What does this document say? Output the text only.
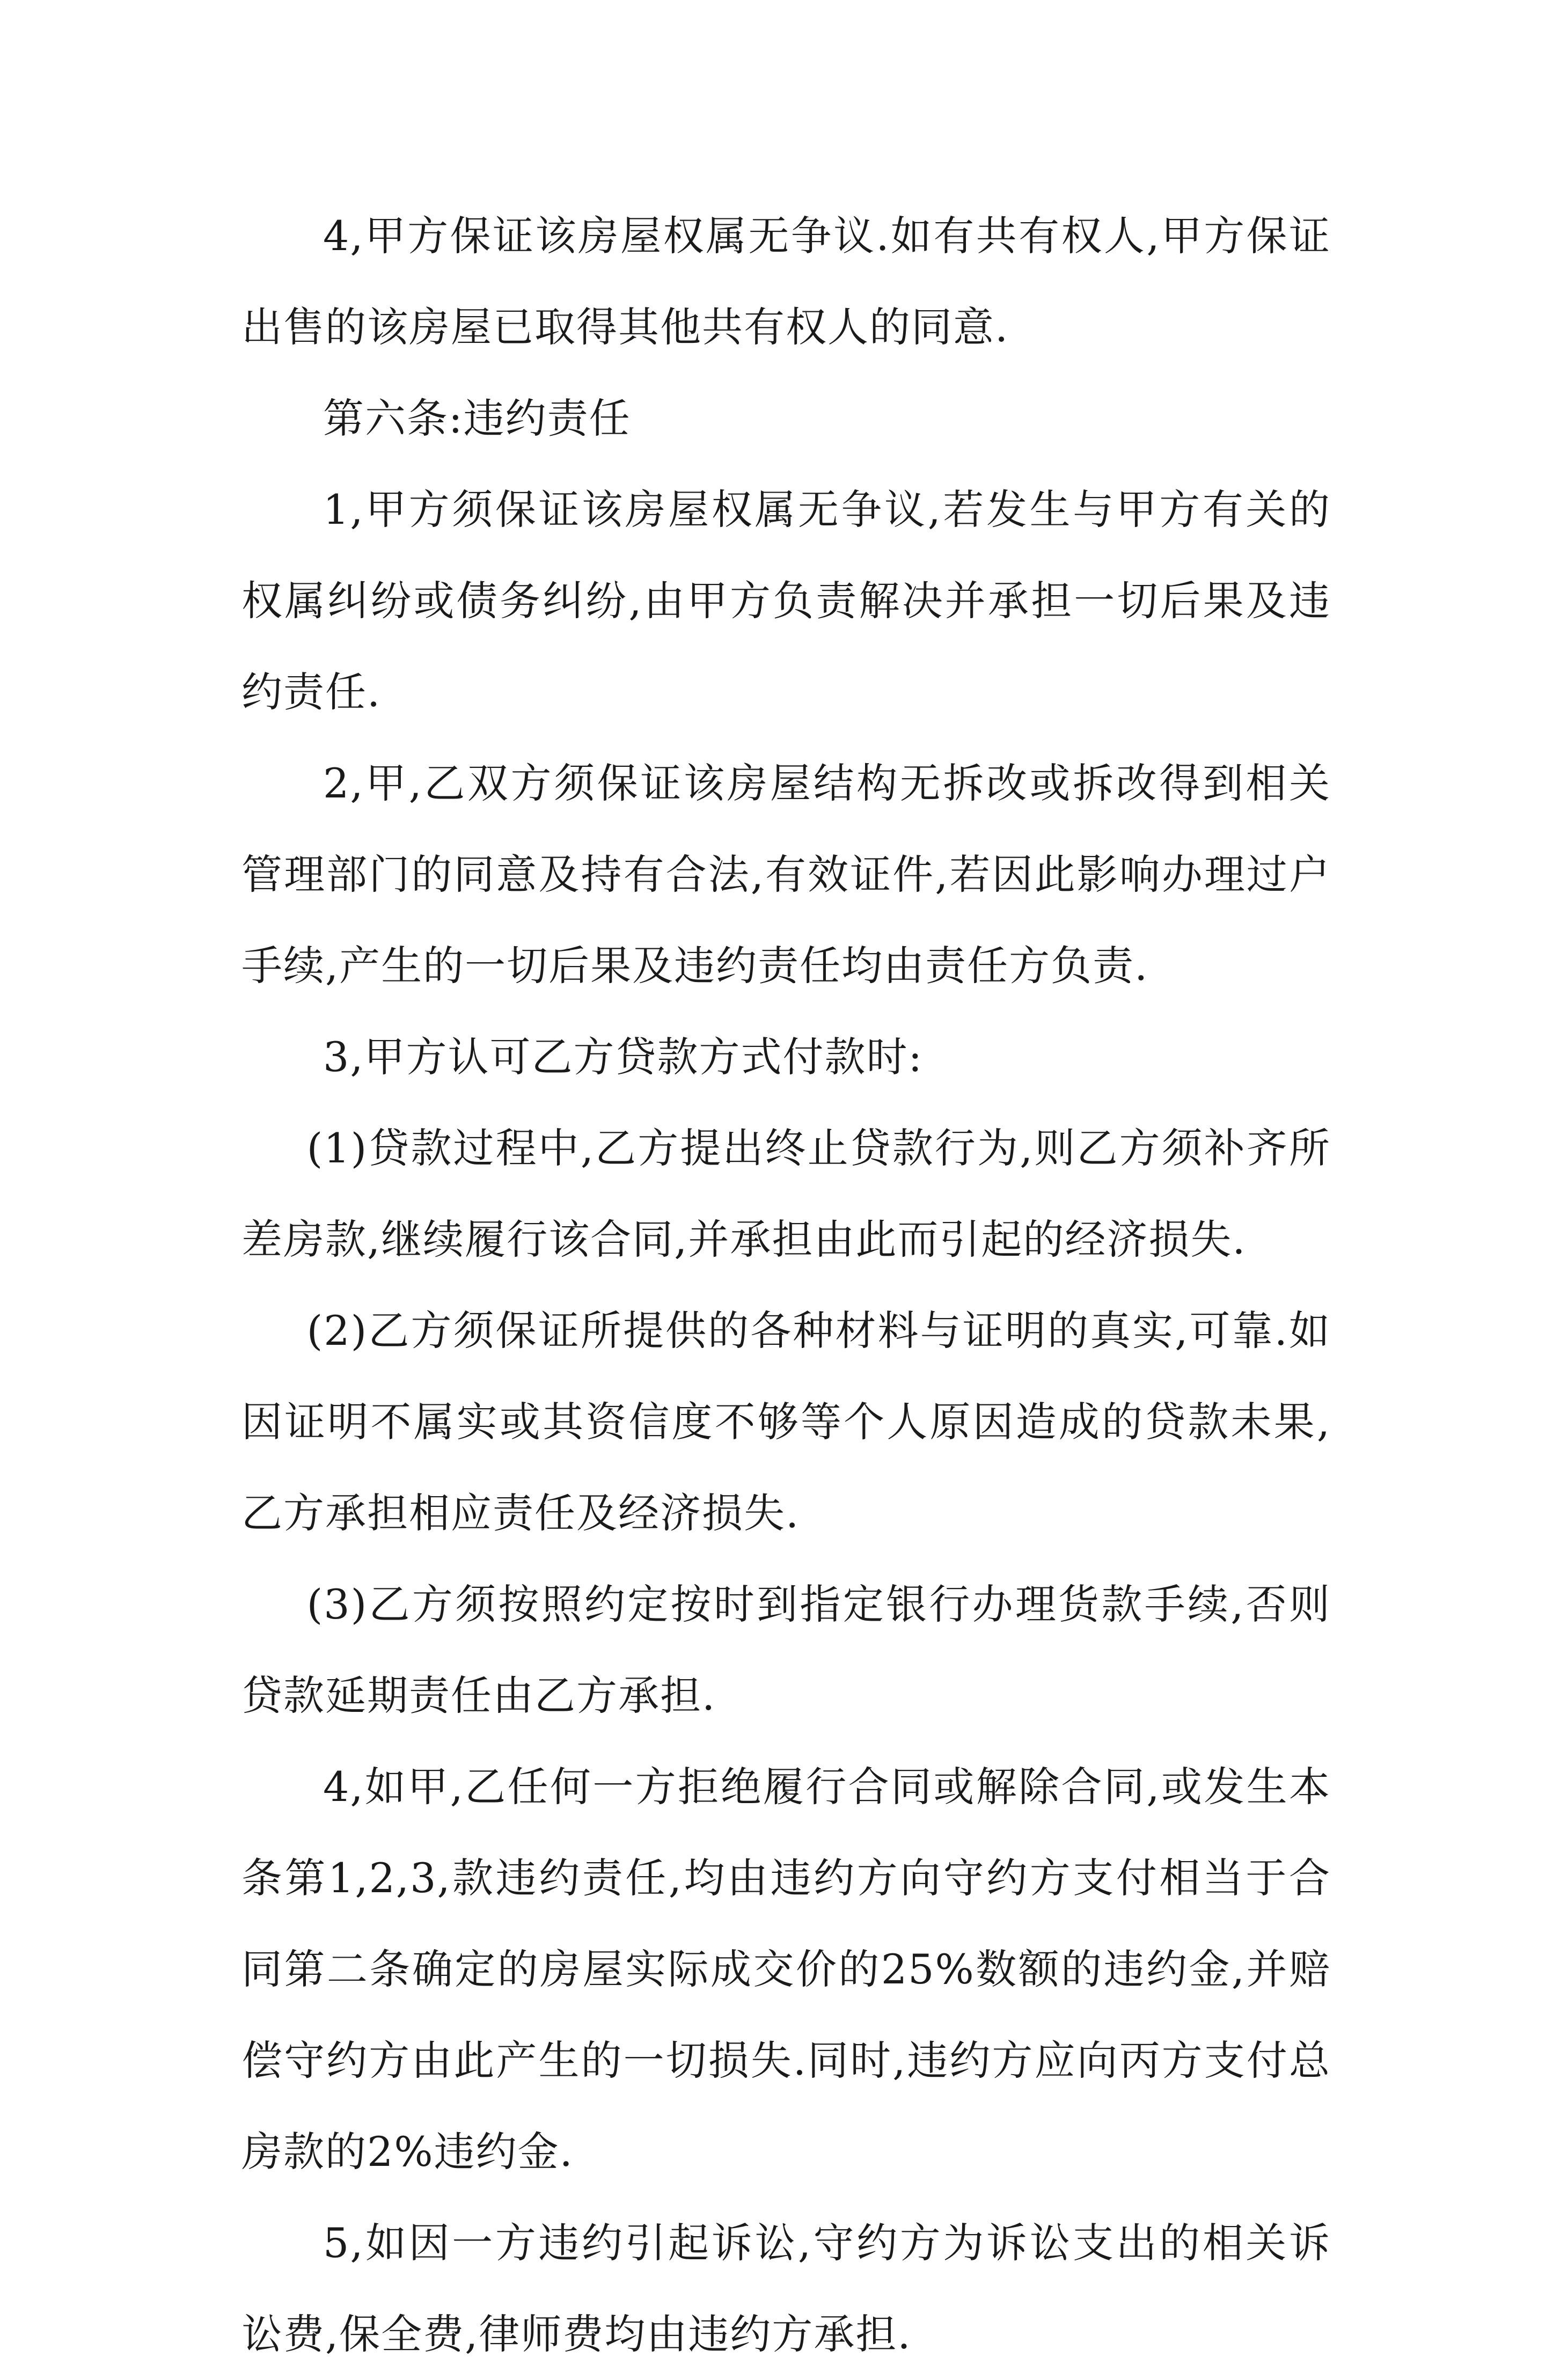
4,甲方保证该房屋权属无争议.如有共有权人,甲方保证出售的该房屋已取得其他共有权人的同意.

第六条:违约责任

1,甲方须保证该房屋权属无争议,若发生与甲方有关的权属纠纷或债务纠纷,由甲方负责解决并承担一切后果及违约责任.

2,甲,乙双方须保证该房屋结构无拆改或拆改得到相关管理部门的同意及持有合法,有效证件,若因此影响办理过户手续,产生的一切后果及违约责任均由责任方负责.

3,甲方认可乙方贷款方式付款时:

(1)贷款过程中,乙方提出终止贷款行为,则乙方须补齐所差房款,继续履行该合同,并承担由此而引起的经济损失.

(2)乙方须保证所提供的各种材料与证明的真实,可靠.如因证明不属实或其资信度不够等个人原因造成的贷款未果,乙方承担相应责任及经济损失.

(3)乙方须按照约定按时到指定银行办理货款手续,否则贷款延期责任由乙方承担.

4,如甲,乙任何一方拒绝履行合同或解除合同,或发生本条第1,2,3,款违约责任,均由违约方向守约方支付相当于合同第二条确定的房屋实际成交价的25%数额的违约金,并赔偿守约方由此产生的一切损失.同时,违约方应向丙方支付总房款的2%违约金.

5,如因一方违约引起诉讼,守约方为诉讼支出的相关诉讼费,保全费,律师费均由违约方承担.
